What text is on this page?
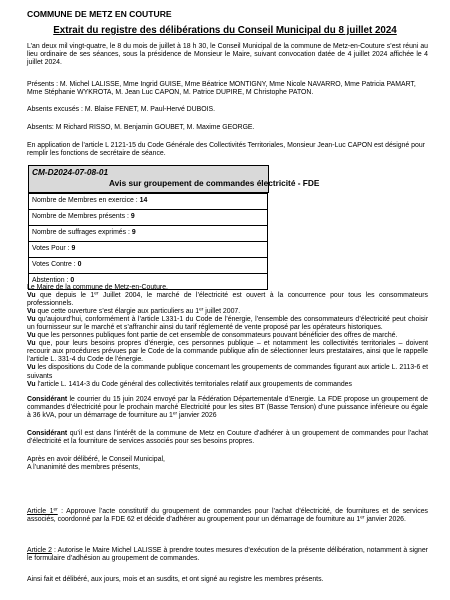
COMMUNE DE METZ EN COUTURE
Extrait du registre des délibérations du Conseil Municipal du 8 juillet 2024
L’an deux mil vingt-quatre, le 8 du mois de juillet à 18 h 30, le Conseil Municipal de la commune de Metz-en-Couture s’est réuni au lieu ordinaire de ses séances, sous la présidence de Monsieur le Maire, suivant convocation datée de 4 juillet 2024 affichée le 4 juillet 2024.
Présents : M. Michel LALISSE, Mme Ingrid GUISE, Mme Béatrice MONTIGNY, Mme Nicole NAVARRO, Mme Patricia PAMART, Mme Stéphanie WYKROTA, M. Jean Luc CAPON, M. Patrice DUPIRE, M Christophe PATON.
Absents excusés : M. Blaise FENET, M. Paul-Hervé DUBOIS.
Absents: M Richard RISSO, M. Benjamin GOUBET, M. Maxime GEORGE.
En application de l’article L 2121-15 du Code Générale des Collectivités Territoriales, Monsieur Jean-Luc CAPON est désigné pour remplir les fonctions de secrétaire de séance.
CM-D2024-07-08-01
Avis sur groupement de commandes électricité - FDE
Nombre de Membres en exercice : 14
Nombre de Membres présents : 9
Nombre de suffrages exprimés : 9
Votes Pour : 9
Votes Contre : 0
Abstention : 0

Le Maire de la commune de Metz-en-Couture,

Vu que depuis le 1er Juillet 2004, le marché de l’électricité est ouvert à la concurrence pour tous les consommateurs professionnels.

Vu que cette ouverture s’est élargie aux particuliers au 1er juillet 2007.

Vu qu’aujourd’hui, conformément à l’article L331-1 du Code de l’énergie, l’ensemble des consommateurs d’électricité peut choisir un fournisseur sur le marché et s’affranchir ainsi du tarif réglementé de vente proposé par les opérateurs historiques.

Vu que les personnes publiques font partie de cet ensemble de consommateurs pouvant bénéficier des offres de marché.

Vu que, pour leurs besoins propres d’énergie, ces personnes publique – et notamment les collectivités territoriales – doivent recourir aux procédures prévues par le Code de la commande publique afin de sélectionner leurs prestataires, ainsi que le rappelle l’article L. 331-4 du Code de l’énergie.

Vu les dispositions du Code de la commande publique concernant les groupements de commandes figurant aux article L. 2113-6 et suivants

Vu l’article L. 1414-3 du Code général des collectivités territoriales relatif aux groupements de commandes

Considérant le courrier du 15 juin 2024 envoyé par la Fédération Départementale d’Energie. La FDE propose un groupement de commandes d’électricité pour le prochain marché Electricité pour les sites BT (Basse Tension) d’une puissance inférieure ou égale à 36 kVA, pour un démarrage de fourniture au 1er janvier 2026
Considérant qu’il est dans l’intérêt de la commune de Metz en Couture d’adhérer à un groupement de commandes pour l’achat d’électricité et la fourniture de services associés pour ses besoins propres.
Après en avoir délibéré, le Conseil Municipal,
A l’unanimité des membres présents,
Article 1er : Approuve l’acte constitutif du groupement de commandes pour l’achat d’électricité, de fournitures et de services associés, coordonné par la FDE 62 et décide d’adhérer au groupement pour un démarrage de fourniture au 1er janvier 2026.
Article 2 : Autorise le Maire Michel LALISSE à prendre toutes mesures d’exécution de la présente délibération, notamment à signer le formulaire d’adhésion au groupement de commandes.
Ainsi fait et délibéré, aux jours, mois et an susdits, et ont signé au registre les membres présents.
